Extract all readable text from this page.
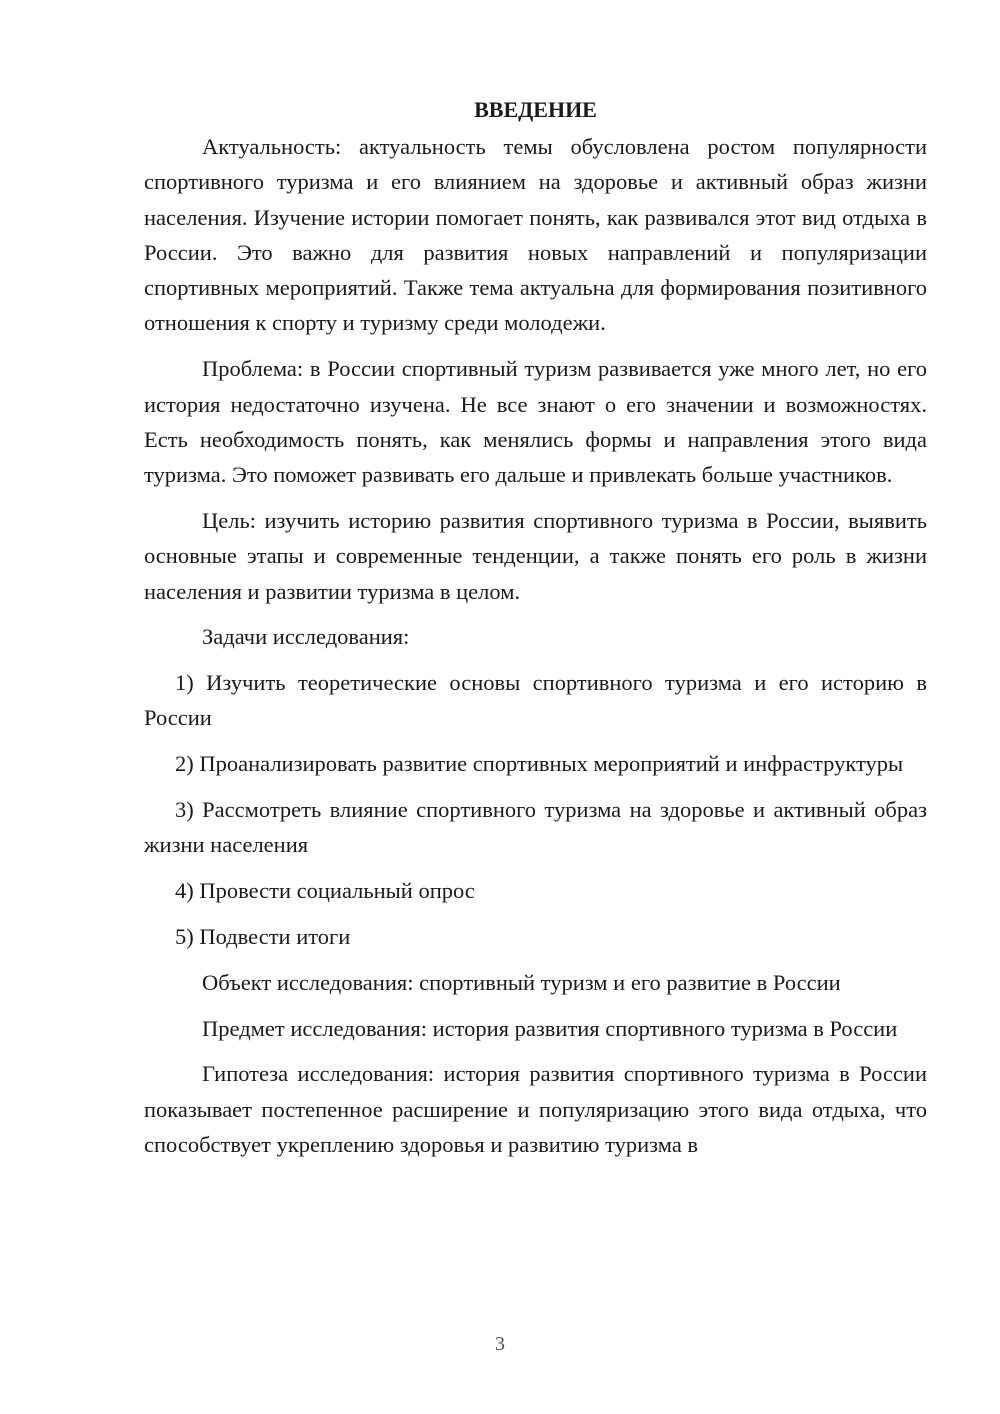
ВВЕДЕНИЕ

Актуальность: актуальность темы обусловлена ростом популярности спортивного туризма и его влиянием на здоровье и активный образ жизни населения. Изучение истории помогает понять, как развивался этот вид отдыха в России. Это важно для развития новых направлений и популяризации спортивных мероприятий. Также тема актуальна для формирования позитивного отношения к спорту и туризму среди молодежи.

Проблема: в России спортивный туризм развивается уже много лет, но его история недостаточно изучена. Не все знают о его значении и возможностях. Есть необходимость понять, как менялись формы и направления этого вида туризма. Это поможет развивать его дальше и привлекать больше участников.

Цель: изучить историю развития спортивного туризма в России, выявить основные этапы и современные тенденции, а также понять его роль в жизни населения и развитии туризма в целом.

Задачи исследования:

1) Изучить теоретические основы спортивного туризма и его историю в России

2) Проанализировать развитие спортивных мероприятий и инфраструктуры

3) Рассмотреть влияние спортивного туризма на здоровье и активный образ жизни населения

4) Провести социальный опрос

5) Подвести итоги

Объект исследования: спортивный туризм и его развитие в России

Предмет исследования: история развития спортивного туризма в России

Гипотеза исследования: история развития спортивного туризма в России показывает постепенное расширение и популяризацию этого вида отдыха, что способствует укреплению здоровья и развитию туризма в

3
